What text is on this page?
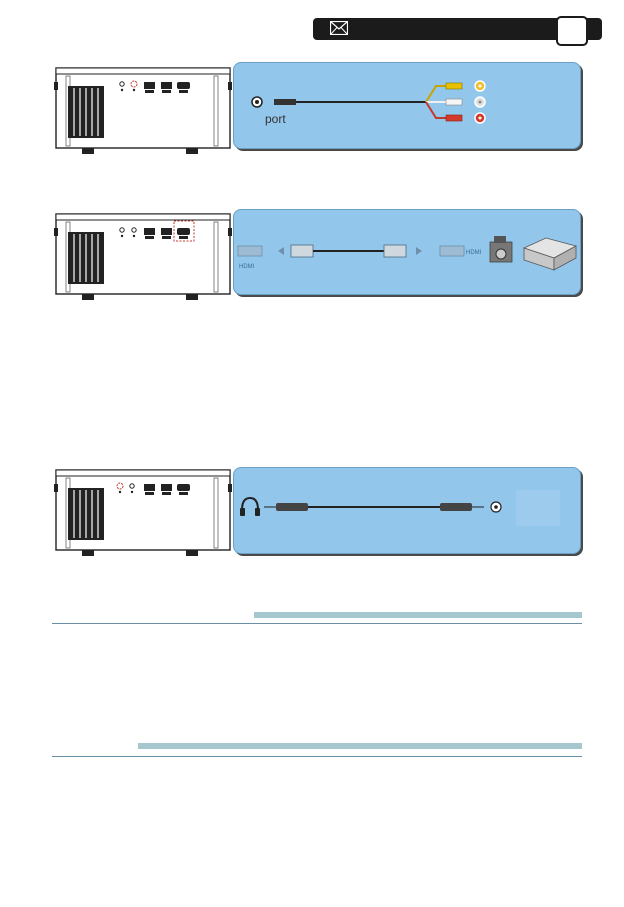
port
HDMI
HDMI
